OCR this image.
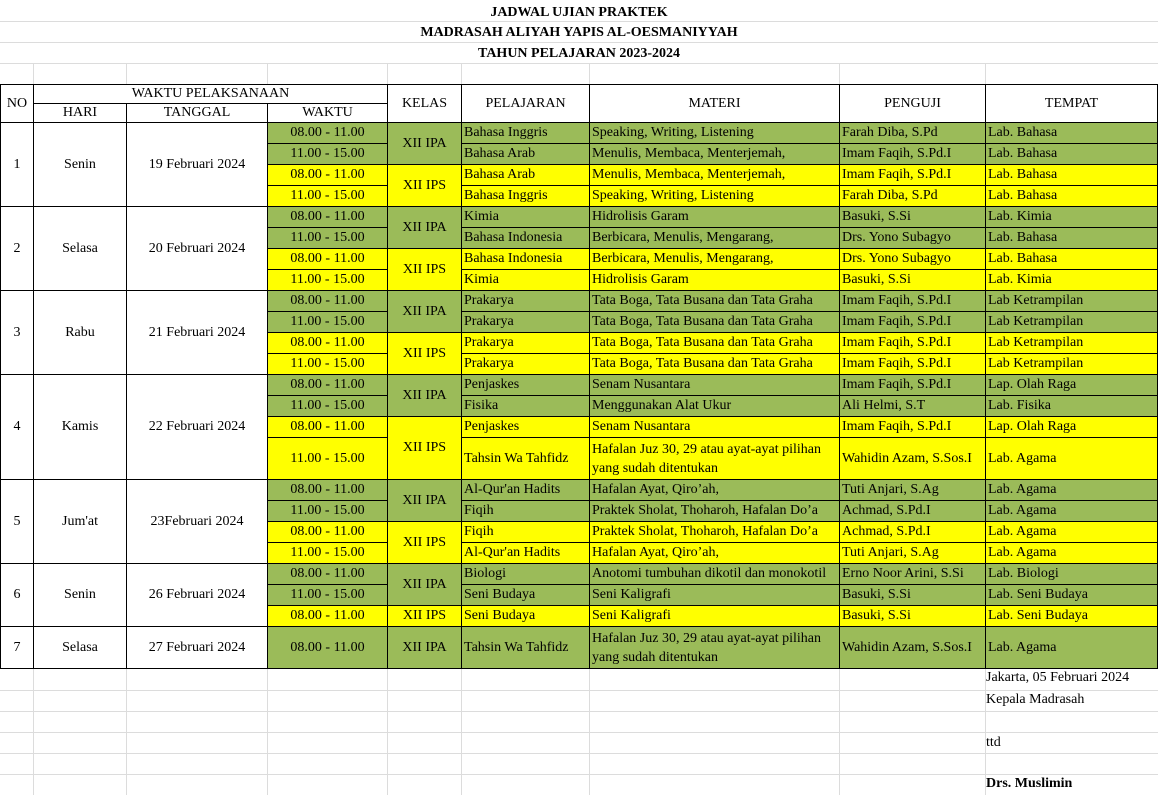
JADWAL UJIAN PRAKTEK
MADRASAH ALIYAH YAPIS AL-OESMANIYYAH
TAHUN PELAJARAN 2023-2024
NO	WAKTU PELAKSANAAN			KELAS	PELAJARAN	MATERI	PENGUJI	TEMPAT
	HARI	TANGGAL	WAKTU					
1	Senin	19 Februari 2024	08.00 - 11.00	XII IPA	Bahasa Inggris	Speaking, Writing, Listening	Farah Diba, S.Pd	Lab. Bahasa
			11.00 - 15.00		Bahasa Arab	Menulis, Membaca, Menterjemah,	Imam Faqih, S.Pd.I	Lab. Bahasa
			08.00 - 11.00	XII IPS	Bahasa Arab	Menulis, Membaca, Menterjemah,	Imam Faqih, S.Pd.I	Lab. Bahasa
			11.00 - 15.00		Bahasa Inggris	Speaking, Writing, Listening	Farah Diba, S.Pd	Lab. Bahasa
2	Selasa	20 Februari 2024	08.00 - 11.00	XII IPA	Kimia	Hidrolisis Garam	Basuki, S.Si	Lab. Kimia
			11.00 - 15.00		Bahasa Indonesia	Berbicara, Menulis, Mengarang,	Drs. Yono Subagyo	Lab. Bahasa
			08.00 - 11.00	XII IPS	Bahasa Indonesia	Berbicara, Menulis, Mengarang,	Drs. Yono Subagyo	Lab. Bahasa
			11.00 - 15.00		Kimia	Hidrolisis Garam	Basuki, S.Si	Lab. Kimia
3	Rabu	21 Februari 2024	08.00 - 11.00	XII IPA	Prakarya	Tata Boga, Tata Busana dan Tata Graha	Imam Faqih, S.Pd.I	Lab Ketrampilan
			11.00 - 15.00		Prakarya	Tata Boga, Tata Busana dan Tata Graha	Imam Faqih, S.Pd.I	Lab Ketrampilan
			08.00 - 11.00	XII IPS	Prakarya	Tata Boga, Tata Busana dan Tata Graha	Imam Faqih, S.Pd.I	Lab Ketrampilan
			11.00 - 15.00		Prakarya	Tata Boga, Tata Busana dan Tata Graha	Imam Faqih, S.Pd.I	Lab Ketrampilan
4	Kamis	22 Februari 2024	08.00 - 11.00	XII IPA	Penjaskes	Senam Nusantara	Imam Faqih, S.Pd.I	Lap. Olah Raga
			11.00 - 15.00		Fisika	Menggunakan Alat Ukur	Ali Helmi, S.T	Lab. Fisika
			08.00 - 11.00	XII IPS	Penjaskes	Senam Nusantara	Imam Faqih, S.Pd.I	Lap. Olah Raga
			11.00 - 15.00		Tahsin Wa Tahfidz	Hafalan Juz 30, 29 atau ayat-ayat pilihan yang sudah ditentukan	Wahidin Azam, S.Sos.I	Lab. Agama
5	Jum'at	23Februari 2024	08.00 - 11.00	XII IPA	Al-Qur'an Hadits	Hafalan Ayat, Qiro’ah,	Tuti Anjari, S.Ag	Lab. Agama
			11.00 - 15.00		Fiqih	Praktek Sholat, Thoharoh, Hafalan Do’a	Achmad, S.Pd.I	Lab. Agama
			08.00 - 11.00	XII IPS	Fiqih	Praktek Sholat, Thoharoh, Hafalan Do’a	Achmad, S.Pd.I	Lab. Agama
			11.00 - 15.00		Al-Qur'an Hadits	Hafalan Ayat, Qiro’ah,	Tuti Anjari, S.Ag	Lab. Agama
6	Senin	26 Februari 2024	08.00 - 11.00	XII IPA	Biologi	Anotomi tumbuhan dikotil dan monokotil	Erno Noor Arini, S.Si	Lab. Biologi
			11.00 - 15.00		Seni Budaya	Seni Kaligrafi	Basuki, S.Si	Lab. Seni Budaya
			08.00 - 11.00	XII IPS	Seni Budaya	Seni Kaligrafi	Basuki, S.Si	Lab. Seni Budaya
7	Selasa	27 Februari 2024	08.00 - 11.00	XII IPA	Tahsin Wa Tahfidz	Hafalan Juz 30, 29 atau ayat-ayat pilihan yang sudah ditentukan	Wahidin Azam, S.Sos.I	Lab. Agama
Jakarta, 05 Februari 2024
Kepala Madrasah
ttd
Drs. Muslimin
